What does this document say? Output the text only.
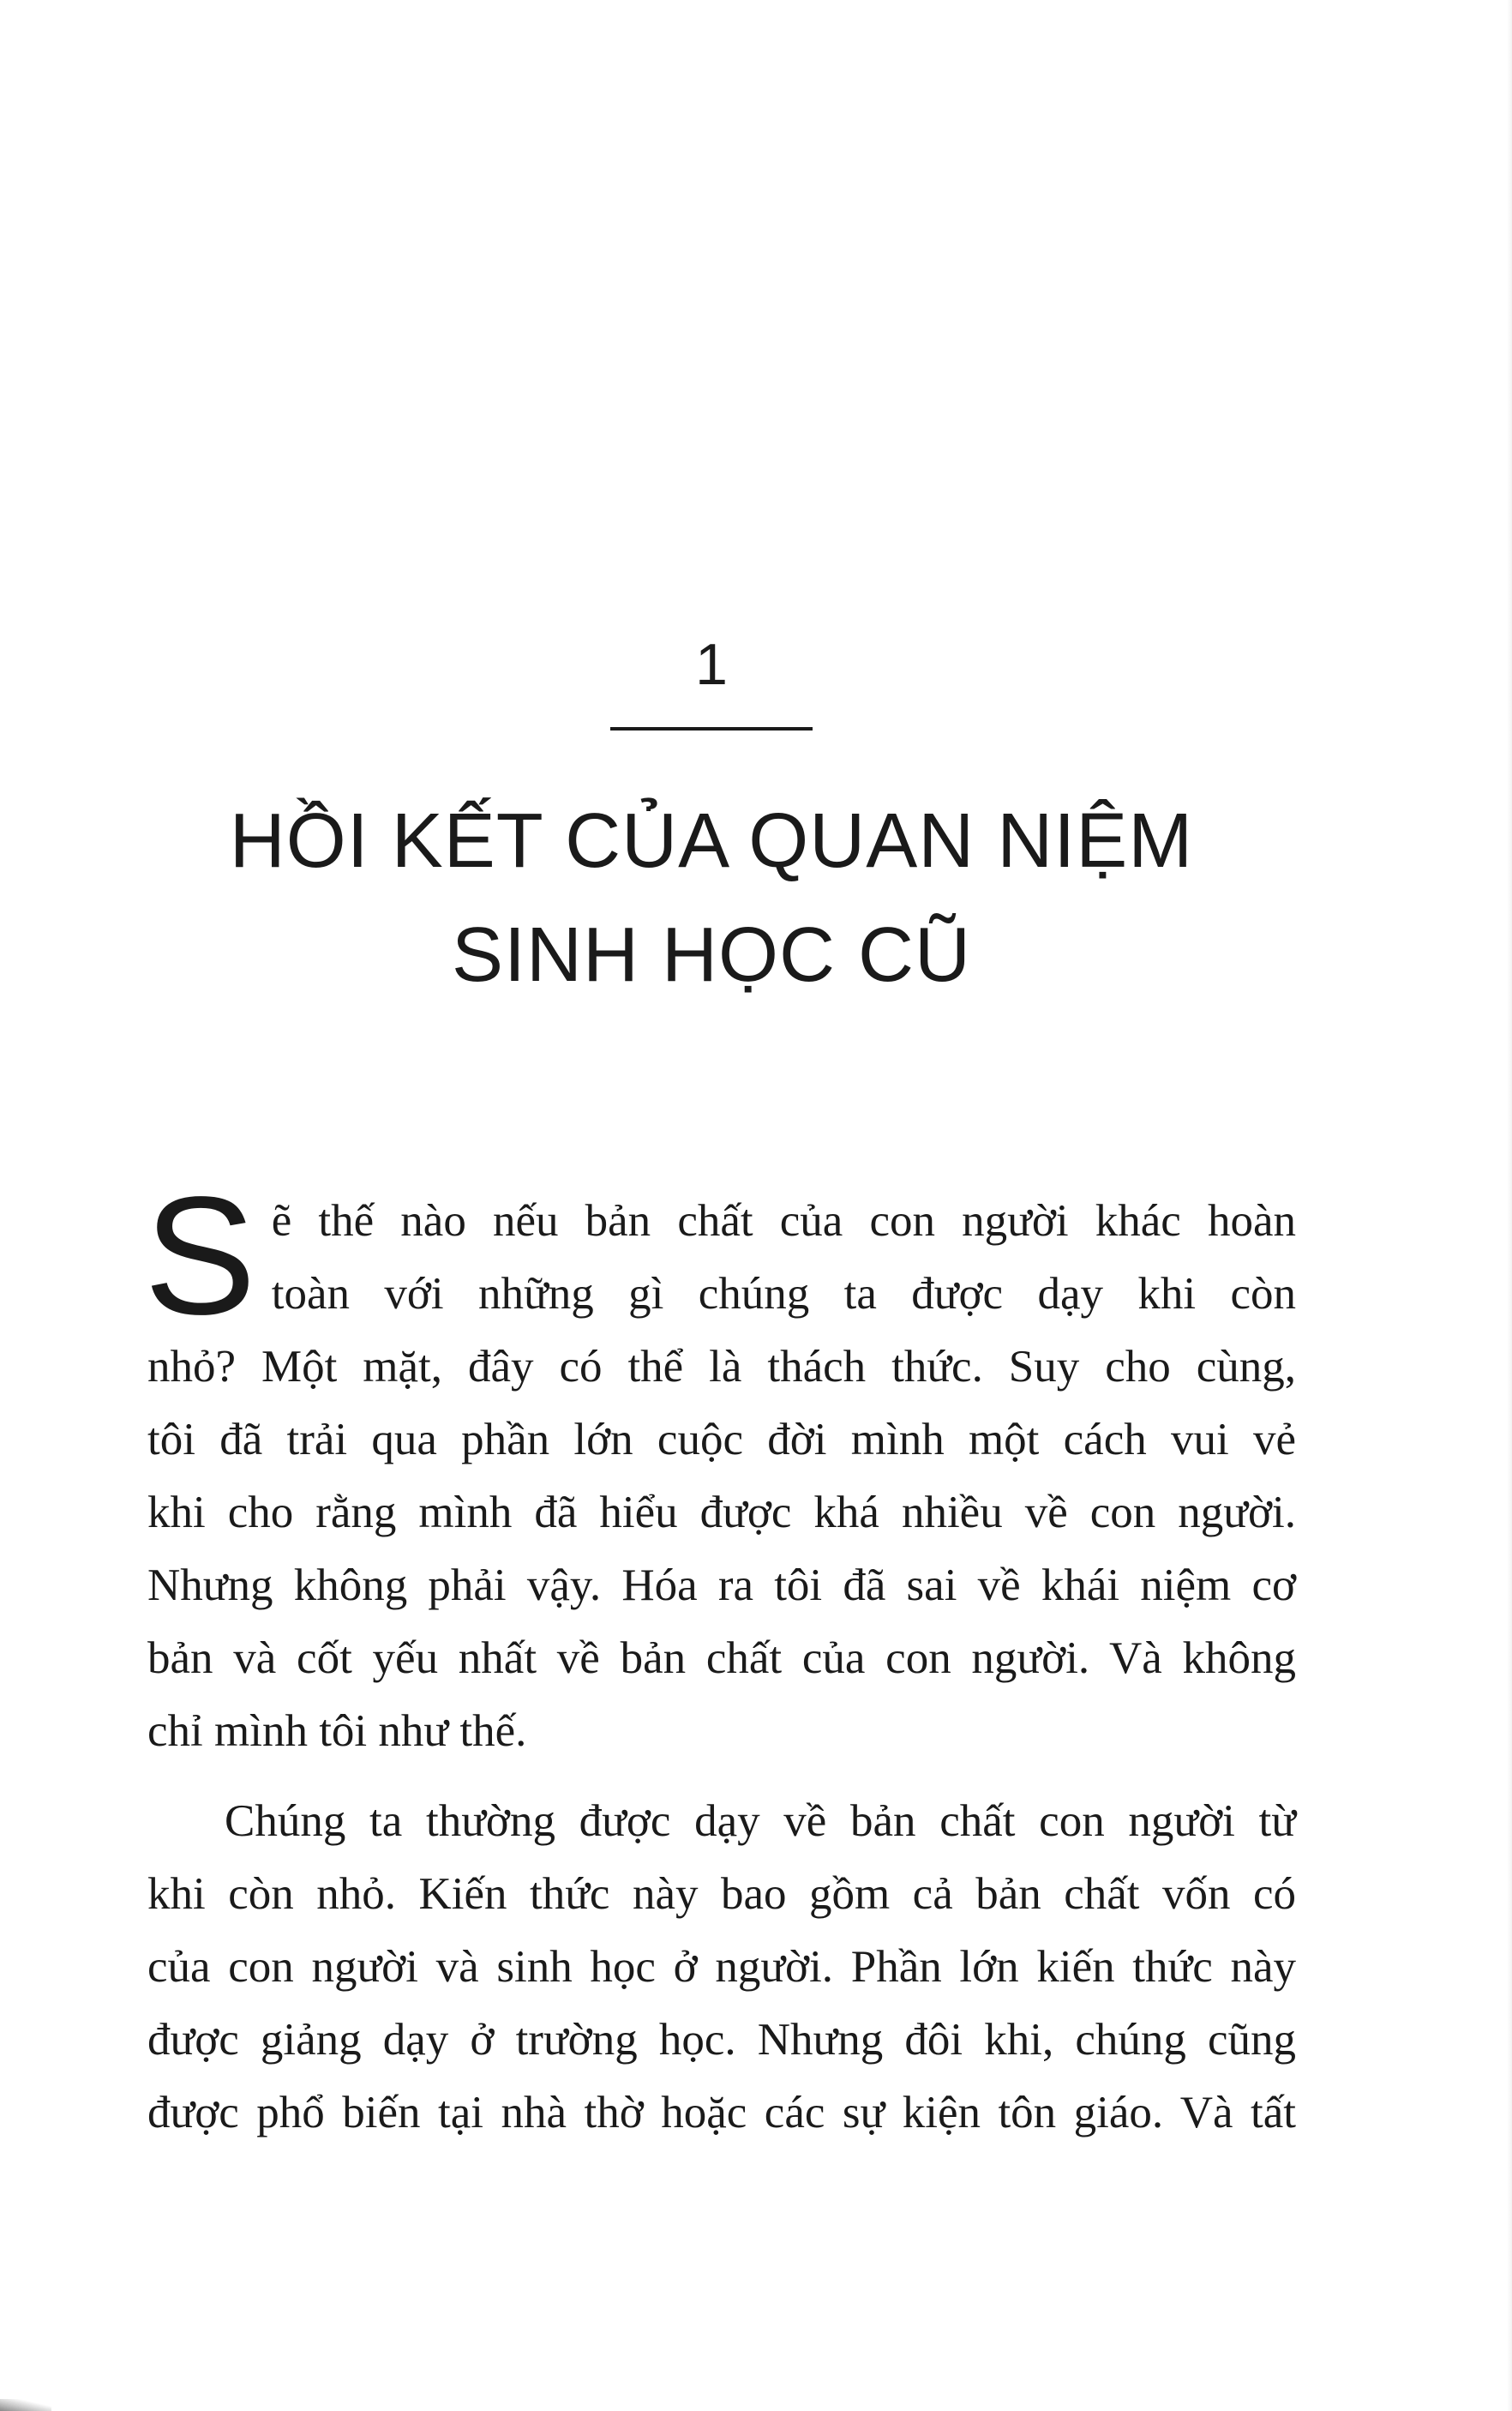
1
HỒI KẾT CỦA QUAN NIỆM
SINH HỌC CŨ

S ẽ thế nào nếu bản chất của con người khác hoàn
toàn với những gì chúng ta được dạy khi còn
nhỏ? Một mặt, đây có thể là thách thức. Suy cho cùng,
tôi đã trải qua phần lớn cuộc đời mình một cách vui vẻ
khi cho rằng mình đã hiểu được khá nhiều về con người.
Nhưng không phải vậy. Hóa ra tôi đã sai về khái niệm cơ
bản và cốt yếu nhất về bản chất của con người. Và không
chỉ mình tôi như thế.

Chúng ta thường được dạy về bản chất con người từ
khi còn nhỏ. Kiến thức này bao gồm cả bản chất vốn có
của con người và sinh học ở người. Phần lớn kiến thức này
được giảng dạy ở trường học. Nhưng đôi khi, chúng cũng
được phổ biến tại nhà thờ hoặc các sự kiện tôn giáo. Và tất
